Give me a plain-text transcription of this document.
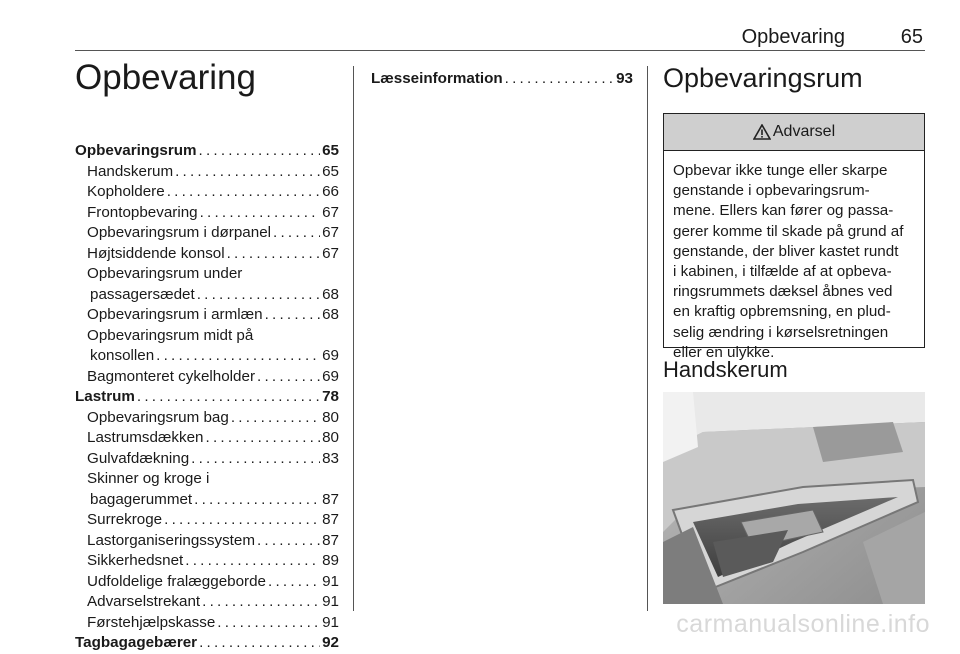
Opbevaring	65
Opbevaring
Opbevaringsrum . . .	65
Handskerum . . .	65
Kopholdere . . .	66
Frontopbevaring . . .	67
Opbevaringsrum i dørpanel . . .	67
Højtsiddende konsol . . .	67
Opbevaringsrum under
passagersædet . . .	68
Opbevaringsrum i armlæn . . .	68
Opbevaringsrum midt på
konsollen . . .	69
Bagmonteret cykelholder . . .	69
Lastrum . . .	78
Opbevaringsrum bag . . .	80
Lastrumsdækken . . .	80
Gulvafdækning . . .	83
Skinner og kroge i
bagagerummet . . .	87
Surrekroge . . .	87
Lastorganiseringssystem . . .	87
Sikkerhedsnet . . .	89
Udfoldelige fralæggeborde . . .	91
Advarselstrekant . . .	91
Førstehjælpskasse . . .	91
Tagbagagebærer . . .	92
Læsseinformation . . .	93 Opbevaringsrum
Advarsel
Opbevar ikke tunge eller skarpe
genstande i opbevaringsrum-
mene. Ellers kan fører og passa-
gerer komme til skade på grund af
genstande, der bliver kastet rundt
i kabinen, i tilfælde af at opbeva-
ringsrummets dæksel åbnes ved
en kraftig opbremsning, en plud-
selig ændring i kørselsretningen
eller en ulykke.
Handskerum
carmanualsonline.info
